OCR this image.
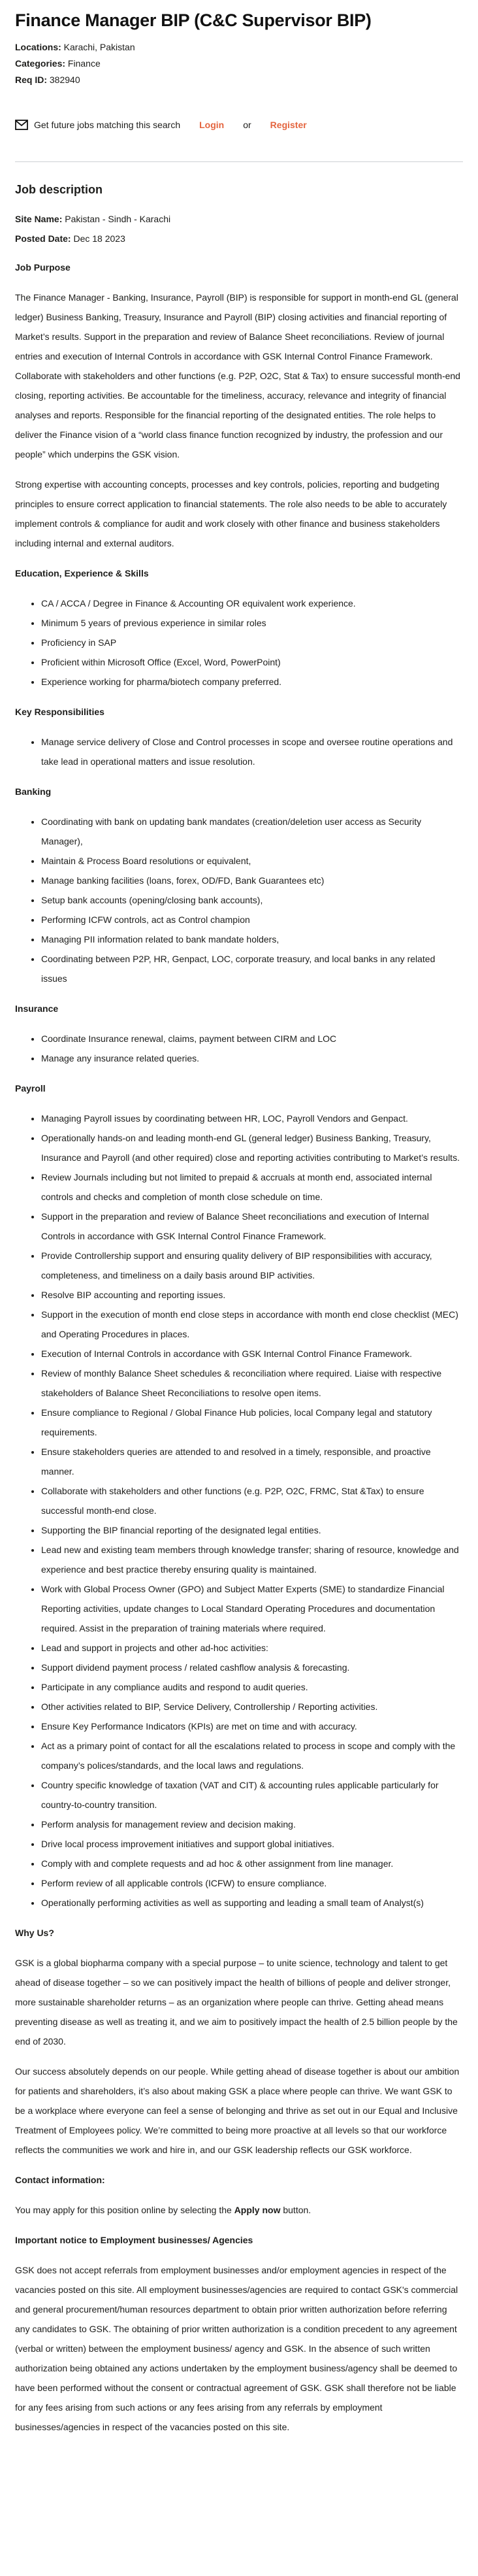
Finance Manager BIP (C&C Supervisor BIP)

Locations: Karachi, Pakistan

Categories: Finance

Req ID: 382940

Get future jobs matching this search Login or Register
Job description

Site Name: Pakistan - Sindh - Karachi

Posted Date: Dec 18 2023

Job Purpose

The Finance Manager - Banking, Insurance, Payroll (BIP) is responsible for support in month-end GL (general ledger) Business Banking, Treasury, Insurance and Payroll (BIP) closing activities and financial reporting of Market’s results. Support in the preparation and review of Balance Sheet reconciliations. Review of journal entries and execution of Internal Controls in accordance with GSK Internal Control Finance Framework. Collaborate with stakeholders and other functions (e.g. P2P, O2C, Stat & Tax) to ensure successful month-end closing, reporting activities. Be accountable for the timeliness, accuracy, relevance and integrity of financial analyses and reports. Responsible for the financial reporting of the designated entities. The role helps to deliver the Finance vision of a “world class finance function recognized by industry, the profession and our people” which underpins the GSK vision.

Strong expertise with accounting concepts, processes and key controls, policies, reporting and budgeting principles to ensure correct application to financial statements. The role also needs to be able to accurately implement controls & compliance for audit and work closely with other finance and business stakeholders including internal and external auditors.

Education, Experience & Skills
• CA / ACCA / Degree in Finance & Accounting OR equivalent work experience.
• Minimum 5 years of previous experience in similar roles
• Proficiency in SAP
• Proficient within Microsoft Office (Excel, Word, PowerPoint)
• Experience working for pharma/biotech company preferred.
Key Responsibilities
• Manage service delivery of Close and Control processes in scope and oversee routine operations and take lead in operational matters and issue resolution.
Banking
• Coordinating with bank on updating bank mandates (creation/deletion user access as Security Manager),
• Maintain & Process Board resolutions or equivalent,
• Manage banking facilities (loans, forex, OD/FD, Bank Guarantees etc)
• Setup bank accounts (opening/closing bank accounts),
• Performing ICFW controls, act as Control champion
• Managing PII information related to bank mandate holders,
• Coordinating between P2P, HR, Genpact, LOC, corporate treasury, and local banks in any related issues
Insurance
• Coordinate Insurance renewal, claims, payment between CIRM and LOC
• Manage any insurance related queries.
Payroll
• Managing Payroll issues by coordinating between HR, LOC, Payroll Vendors and Genpact.
• Operationally hands-on and leading month-end GL (general ledger) Business Banking, Treasury, Insurance and Payroll (and other required) close and reporting activities contributing to Market’s results.
• Review Journals including but not limited to prepaid & accruals at month end, associated internal controls and checks and completion of month close schedule on time.
• Support in the preparation and review of Balance Sheet reconciliations and execution of Internal Controls in accordance with GSK Internal Control Finance Framework.
• Provide Controllership support and ensuring quality delivery of BIP responsibilities with accuracy, completeness, and timeliness on a daily basis around BIP activities.
• Resolve BIP accounting and reporting issues.
• Support in the execution of month end close steps in accordance with month end close checklist (MEC) and Operating Procedures in places.
• Execution of Internal Controls in accordance with GSK Internal Control Finance Framework.
• Review of monthly Balance Sheet schedules & reconciliation where required. Liaise with respective stakeholders of Balance Sheet Reconciliations to resolve open items.
• Ensure compliance to Regional / Global Finance Hub policies, local Company legal and statutory requirements.
• Ensure stakeholders queries are attended to and resolved in a timely, responsible, and proactive manner.
• Collaborate with stakeholders and other functions (e.g. P2P, O2C, FRMC, Stat &Tax) to ensure successful month-end close.
• Supporting the BIP financial reporting of the designated legal entities.
• Lead new and existing team members through knowledge transfer; sharing of resource, knowledge and experience and best practice thereby ensuring quality is maintained.
• Work with Global Process Owner (GPO) and Subject Matter Experts (SME) to standardize Financial Reporting activities, update changes to Local Standard Operating Procedures and documentation required. Assist in the preparation of training materials where required.
• Lead and support in projects and other ad-hoc activities:
• Support dividend payment process / related cashflow analysis & forecasting.
• Participate in any compliance audits and respond to audit queries.
• Other activities related to BIP, Service Delivery, Controllership / Reporting activities.
• Ensure Key Performance Indicators (KPIs) are met on time and with accuracy.
• Act as a primary point of contact for all the escalations related to process in scope and comply with the company’s polices/standards, and the local laws and regulations.
• Country specific knowledge of taxation (VAT and CIT) & accounting rules applicable particularly for country-to-country transition.
• Perform analysis for management review and decision making.
• Drive local process improvement initiatives and support global initiatives.
• Comply with and complete requests and ad hoc & other assignment from line manager.
• Perform review of all applicable controls (ICFW) to ensure compliance.
• Operationally performing activities as well as supporting and leading a small team of Analyst(s)
Why Us?

GSK is a global biopharma company with a special purpose – to unite science, technology and talent to get ahead of disease together – so we can positively impact the health of billions of people and deliver stronger, more sustainable shareholder returns – as an organization where people can thrive. Getting ahead means preventing disease as well as treating it, and we aim to positively impact the health of 2.5 billion people by the end of 2030.

Our success absolutely depends on our people. While getting ahead of disease together is about our ambition for patients and shareholders, it’s also about making GSK a place where people can thrive. We want GSK to be a workplace where everyone can feel a sense of belonging and thrive as set out in our Equal and Inclusive Treatment of Employees policy. We’re committed to being more proactive at all levels so that our workforce reflects the communities we work and hire in, and our GSK leadership reflects our GSK workforce.

Contact information:

You may apply for this position online by selecting the Apply now button.

Important notice to Employment businesses/ Agencies

GSK does not accept referrals from employment businesses and/or employment agencies in respect of the vacancies posted on this site. All employment businesses/agencies are required to contact GSK's commercial and general procurement/human resources department to obtain prior written authorization before referring any candidates to GSK. The obtaining of prior written authorization is a condition precedent to any agreement (verbal or written) between the employment business/ agency and GSK. In the absence of such written authorization being obtained any actions undertaken by the employment business/agency shall be deemed to have been performed without the consent or contractual agreement of GSK. GSK shall therefore not be liable for any fees arising from such actions or any fees arising from any referrals by employment businesses/agencies in respect of the vacancies posted on this site.
